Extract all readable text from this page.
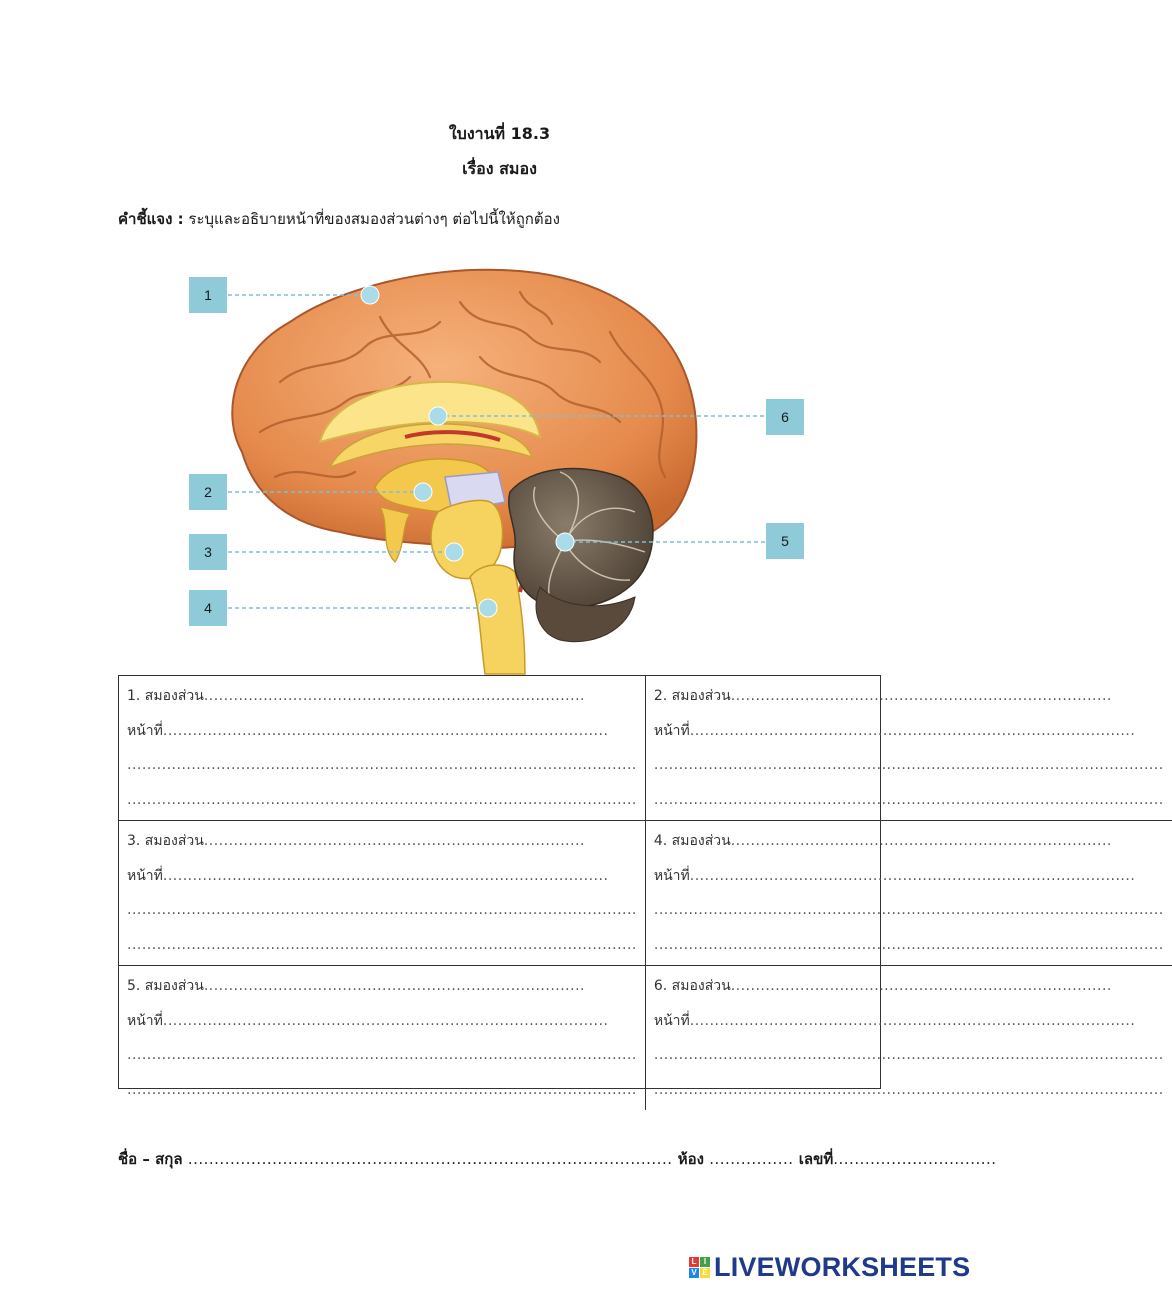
ใบงานที่ 18.3
เรื่อง สมอง
คำชี้แจง : ระบุและอธิบายหน้าที่ของสมองส่วนต่างๆ ต่อไปนี้ให้ถูกต้อง
1
2
3
4
5
6
1. สมองส่วน.............................................................................
หน้าที่..........................................................................................
.......................................................................................................
.......................................................................................................
2. สมองส่วน.............................................................................
หน้าที่..........................................................................................
.......................................................................................................
.......................................................................................................
3. สมองส่วน.............................................................................
หน้าที่..........................................................................................
.......................................................................................................
.......................................................................................................
4. สมองส่วน.............................................................................
หน้าที่..........................................................................................
.......................................................................................................
.......................................................................................................
5. สมองส่วน.............................................................................
หน้าที่..........................................................................................
.......................................................................................................
.......................................................................................................
6. สมองส่วน.............................................................................
หน้าที่..........................................................................................
.......................................................................................................
.......................................................................................................
ชื่อ – สกุล ............................................................................................ ห้อง ................ เลขที่...............................
L I
V E LIVEWORKSHEETS
